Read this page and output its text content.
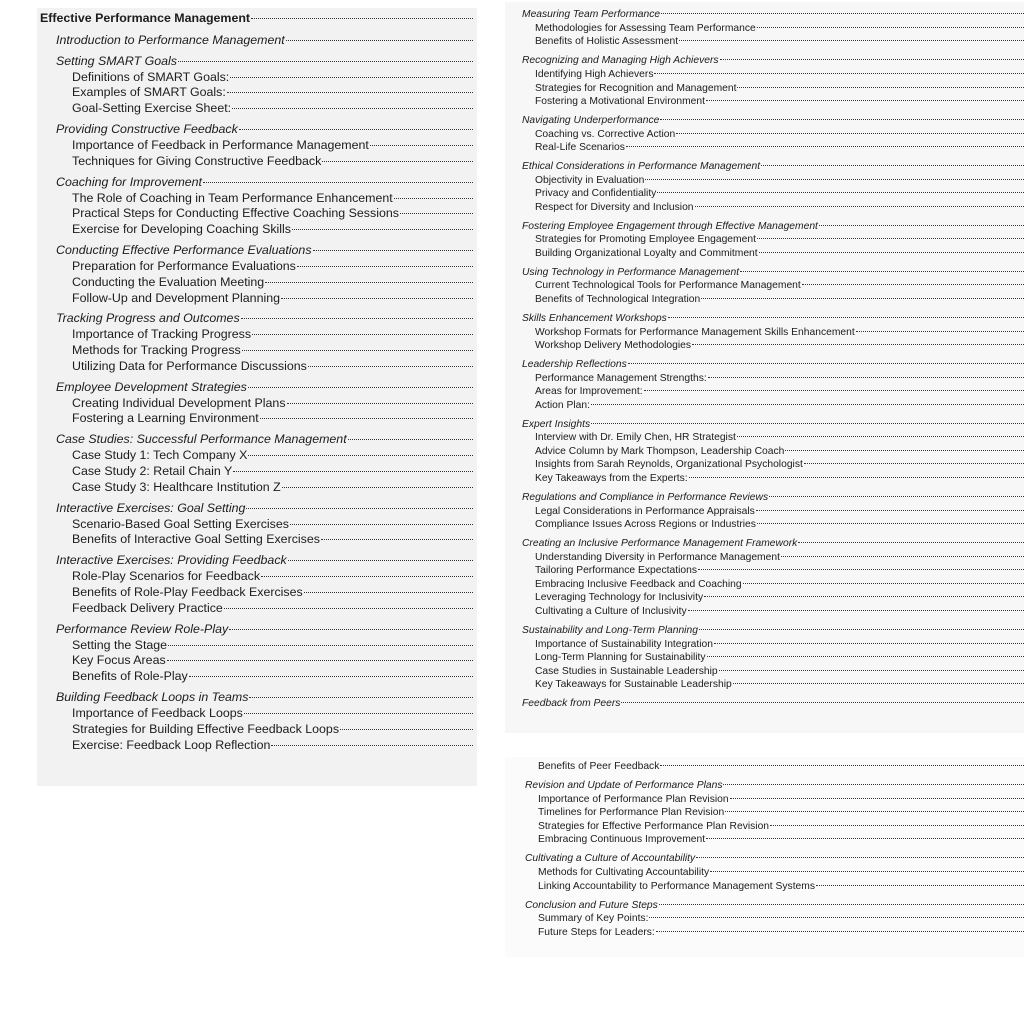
Effective Performance Management
Introduction to Performance Management
Setting SMART Goals
Definitions of SMART Goals:
Examples of SMART Goals:
Goal-Setting Exercise Sheet:
Providing Constructive Feedback
Importance of Feedback in Performance Management
Techniques for Giving Constructive Feedback
Coaching for Improvement
The Role of Coaching in Team Performance Enhancement
Practical Steps for Conducting Effective Coaching Sessions
Exercise for Developing Coaching Skills
Conducting Effective Performance Evaluations
Preparation for Performance Evaluations
Conducting the Evaluation Meeting
Follow-Up and Development Planning
Tracking Progress and Outcomes
Importance of Tracking Progress
Methods for Tracking Progress
Utilizing Data for Performance Discussions
Employee Development Strategies
Creating Individual Development Plans
Fostering a Learning Environment
Case Studies: Successful Performance Management
Case Study 1: Tech Company X
Case Study 2: Retail Chain Y
Case Study 3: Healthcare Institution Z
Interactive Exercises: Goal Setting
Scenario-Based Goal Setting Exercises
Benefits of Interactive Goal Setting Exercises
Interactive Exercises: Providing Feedback
Role-Play Scenarios for Feedback
Benefits of Role-Play Feedback Exercises
Feedback Delivery Practice
Performance Review Role-Play
Setting the Stage
Key Focus Areas
Benefits of Role-Play
Building Feedback Loops in Teams
Importance of Feedback Loops
Strategies for Building Effective Feedback Loops
Exercise: Feedback Loop Reflection
Measuring Team Performance
Methodologies for Assessing Team Performance
Benefits of Holistic Assessment
Recognizing and Managing High Achievers
Identifying High Achievers
Strategies for Recognition and Management
Fostering a Motivational Environment
Navigating Underperformance
Coaching vs. Corrective Action
Real-Life Scenarios
Ethical Considerations in Performance Management
Objectivity in Evaluation
Privacy and Confidentiality
Respect for Diversity and Inclusion
Fostering Employee Engagement through Effective Management
Strategies for Promoting Employee Engagement
Building Organizational Loyalty and Commitment
Using Technology in Performance Management
Current Technological Tools for Performance Management
Benefits of Technological Integration
Skills Enhancement Workshops
Workshop Formats for Performance Management Skills Enhancement
Workshop Delivery Methodologies
Leadership Reflections
Performance Management Strengths:
Areas for Improvement:
Action Plan:
Expert Insights
Interview with Dr. Emily Chen, HR Strategist
Advice Column by Mark Thompson, Leadership Coach
Insights from Sarah Reynolds, Organizational Psychologist
Key Takeaways from the Experts:
Regulations and Compliance in Performance Reviews
Legal Considerations in Performance Appraisals
Compliance Issues Across Regions or Industries
Creating an Inclusive Performance Management Framework
Understanding Diversity in Performance Management
Tailoring Performance Expectations
Embracing Inclusive Feedback and Coaching
Leveraging Technology for Inclusivity
Cultivating a Culture of Inclusivity
Sustainability and Long-Term Planning
Importance of Sustainability Integration
Long-Term Planning for Sustainability
Case Studies in Sustainable Leadership
Key Takeaways for Sustainable Leadership
Feedback from Peers
Benefits of Peer Feedback
Revision and Update of Performance Plans
Importance of Performance Plan Revision
Timelines for Performance Plan Revision
Strategies for Effective Performance Plan Revision
Embracing Continuous Improvement
Cultivating a Culture of Accountability
Methods for Cultivating Accountability
Linking Accountability to Performance Management Systems
Conclusion and Future Steps
Summary of Key Points:
Future Steps for Leaders:
